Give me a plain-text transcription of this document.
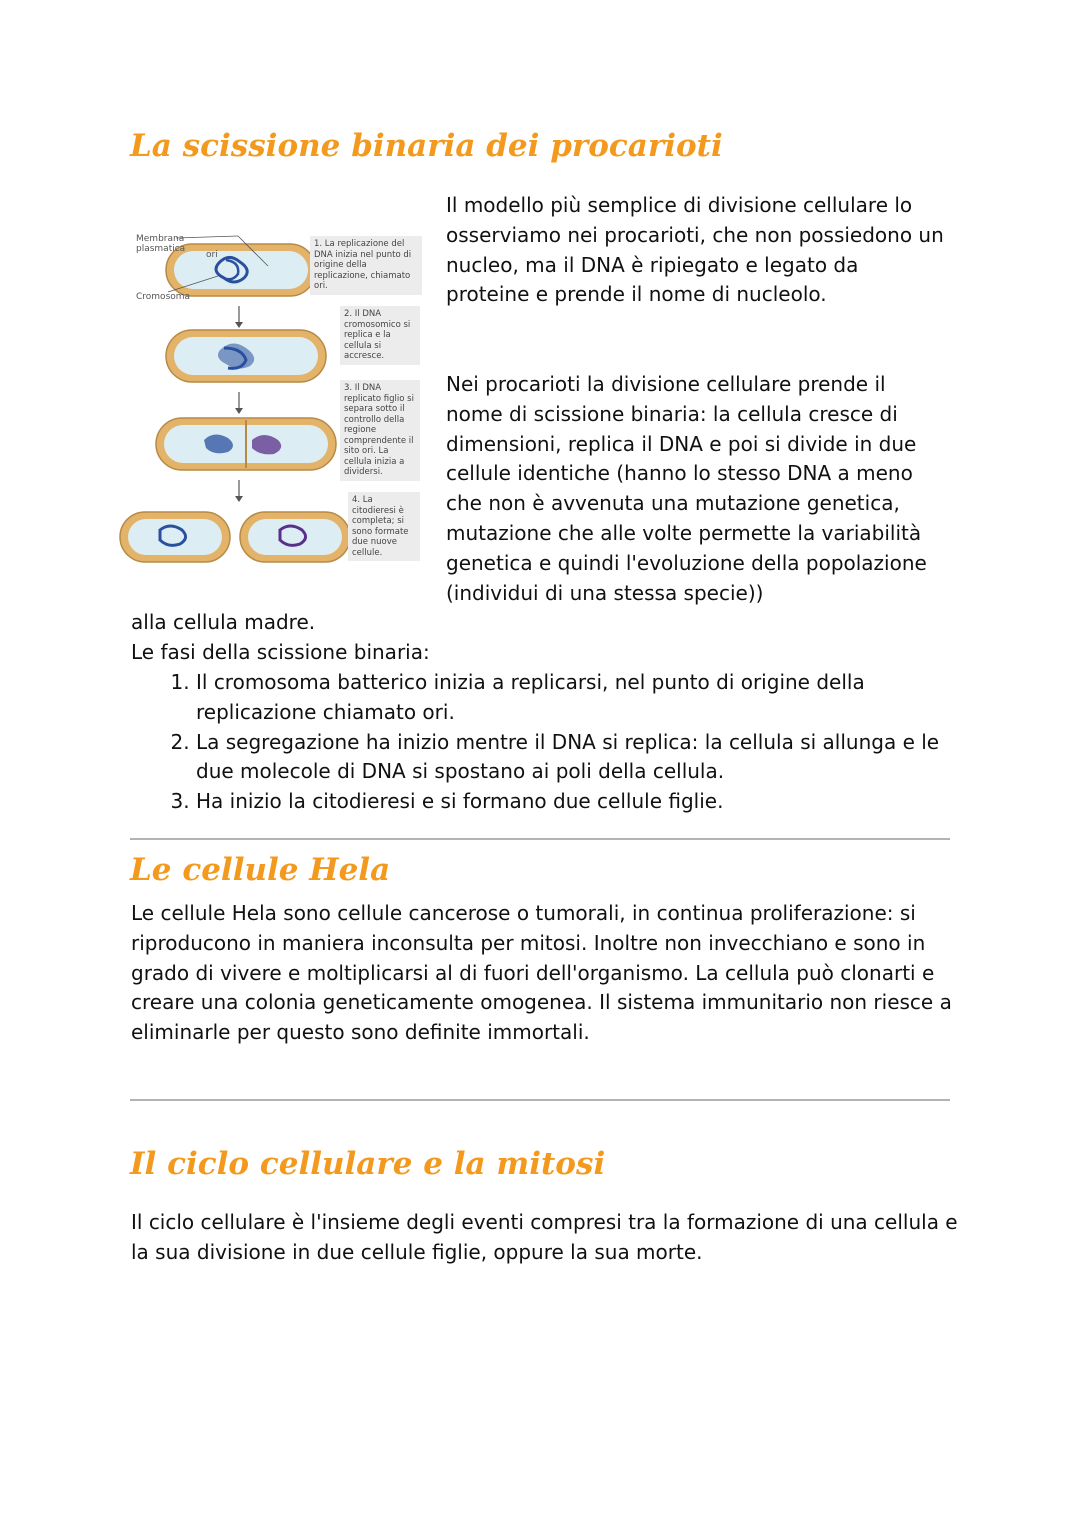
La scissione binaria dei procarioti
Membrana plasmatica
ori
Cromosoma
1. La replicazione del DNA inizia nel punto di origine della replicazione, chiamato ori.
2. Il DNA cromosomico si replica e la cellula si accresce.
3. Il DNA replicato figlio si separa sotto il controllo della regione comprendente il sito ori. La cellula inizia a dividersi.
4. La citodieresi è completa; si sono formate due nuove cellule.

Il modello più semplice di divisione cellulare lo osserviamo nei procarioti, che non possiedono un nucleo, ma il DNA è ripiegato e legato da proteine e prende il nome di nucleolo.

Nei procarioti la divisione cellulare prende il nome di scissione binaria: la cellula cresce di dimensioni, replica il DNA e poi si divide in due cellule identiche (hanno lo stesso DNA a meno che non è avvenuta una mutazione genetica, mutazione che alle volte permette la variabilità genetica e quindi l'evoluzione della popolazione (individui di una stessa specie))

alla cellula madre.

Le fasi della scissione binaria:

1. Il cromosoma batterico inizia a replicarsi, nel punto di origine della replicazione chiamato ori.
2. La segregazione ha inizio mentre il DNA si replica: la cellula si allunga e le due molecole di DNA si spostano ai poli della cellula.
3. Ha inizio la citodieresi e si formano due cellule figlie.
Le cellule Hela

Le cellule Hela sono cellule cancerose o tumorali, in continua proliferazione: si riproducono in maniera inconsulta per mitosi. Inoltre non invecchiano e sono in grado di vivere e moltiplicarsi al di fuori dell'organismo. La cellula può clonarti e creare una colonia geneticamente omogenea. Il sistema immunitario non riesce a eliminarle per questo sono definite immortali.

Il ciclo cellulare e la mitosi

Il ciclo cellulare è l'insieme degli eventi compresi tra la formazione di una cellula e la sua divisione in due cellule figlie, oppure la sua morte.
